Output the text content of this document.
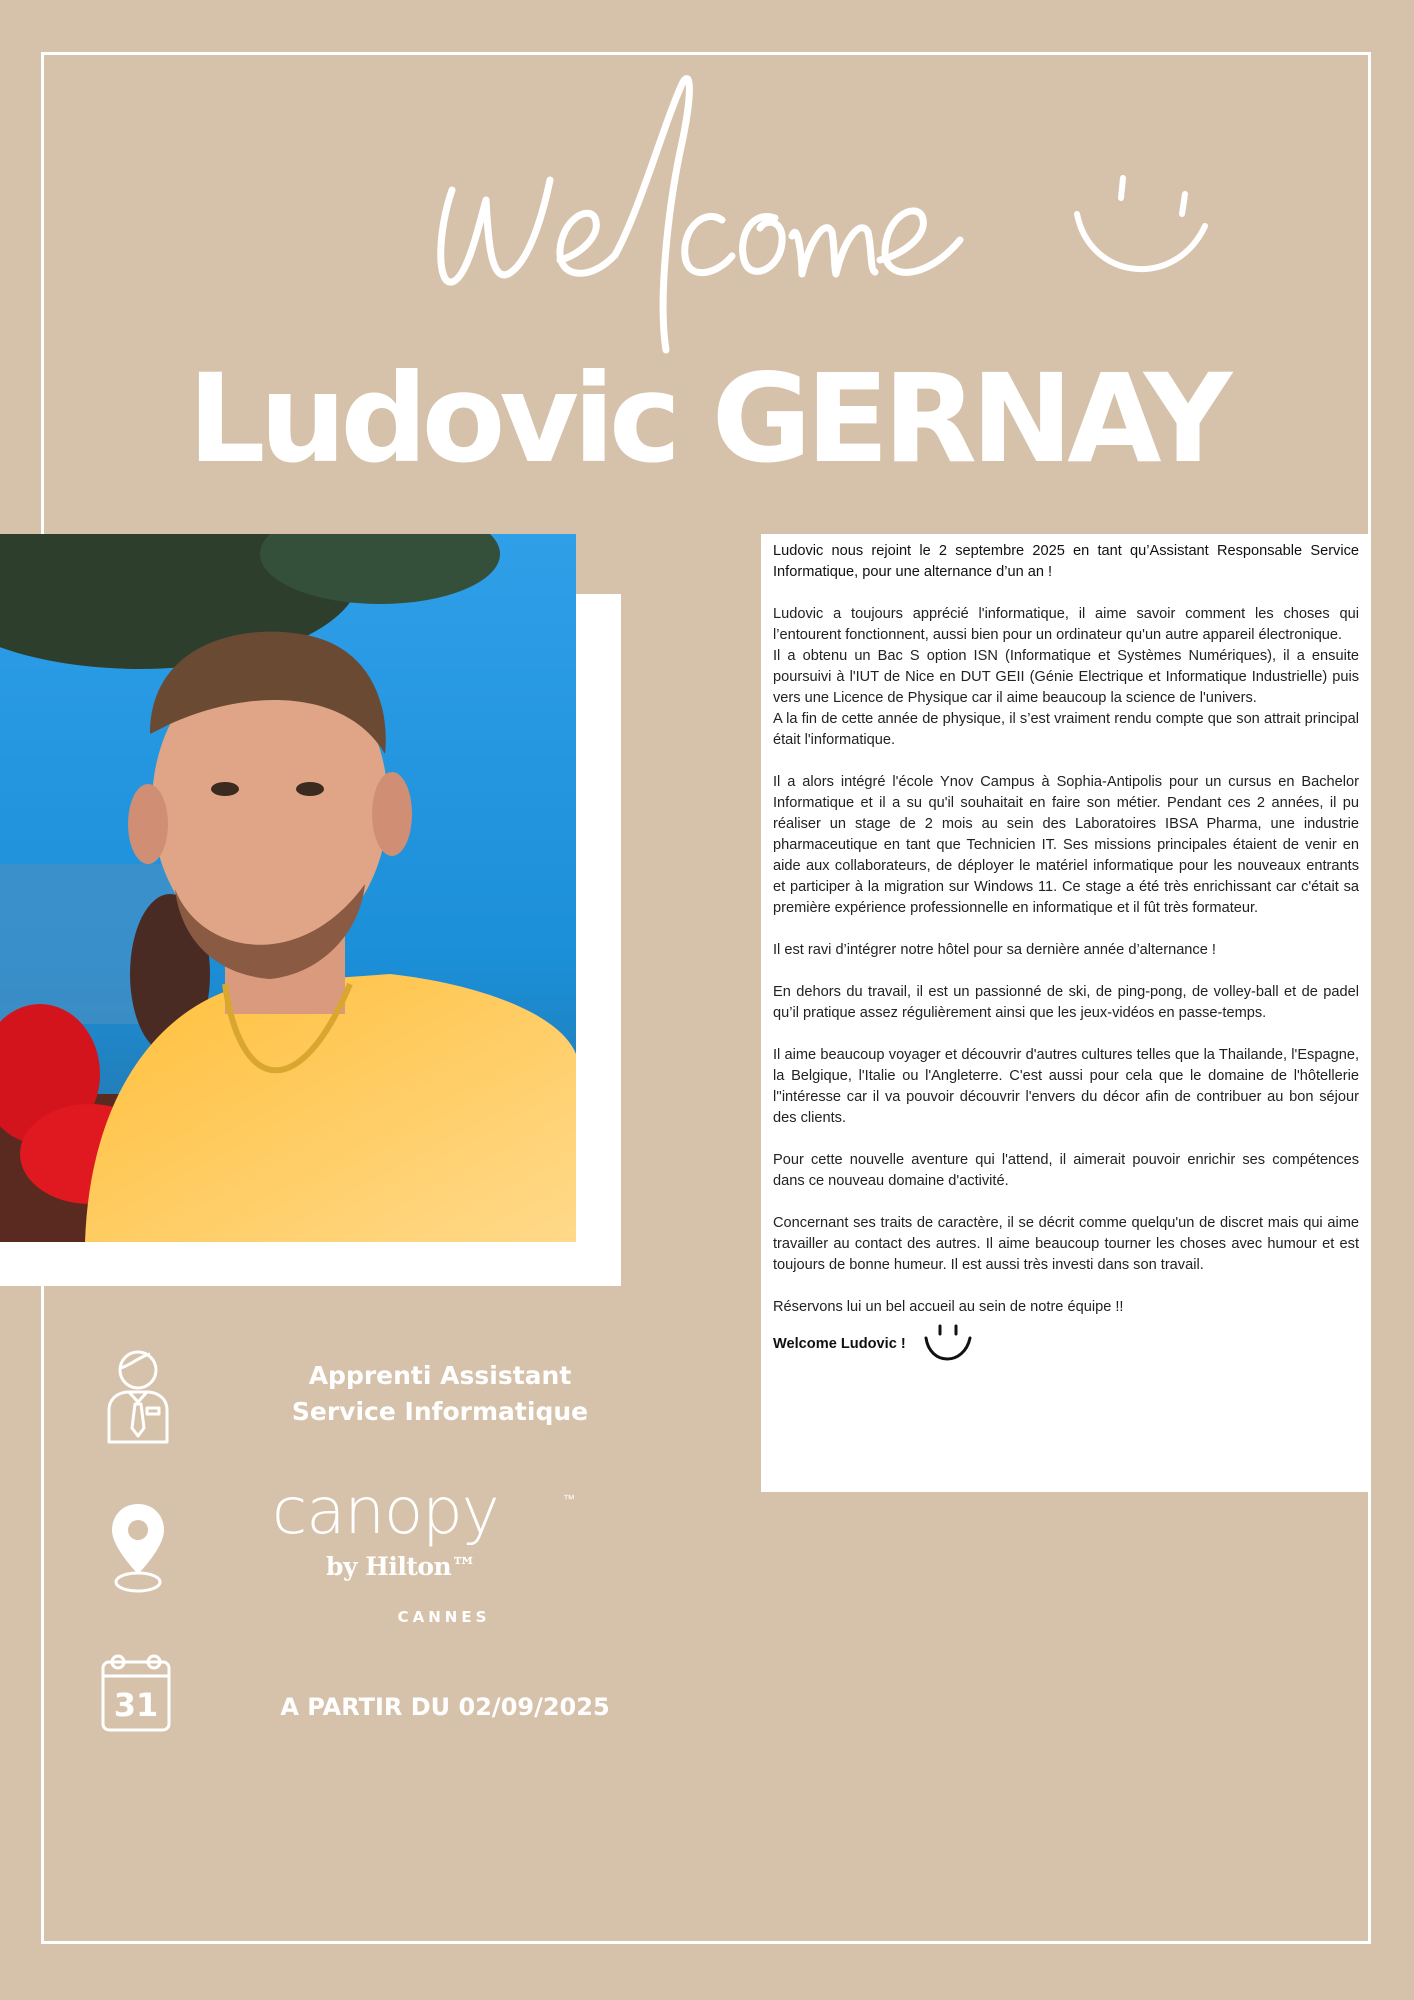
Ludovic GERNAY

Ludovic nous rejoint le 2 septembre 2025 en tant qu’Assistant Responsable Service Informatique, pour une alternance d’un an !

Ludovic a toujours apprécié l'informatique, il aime savoir comment les choses qui l’entourent fonctionnent, aussi bien pour un ordinateur qu'un autre appareil électronique.
Il a obtenu un Bac S option ISN (Informatique et Systèmes Numériques), il a ensuite poursuivi à l'IUT de Nice en DUT GEII (Génie Electrique et Informatique Industrielle) puis vers une Licence de Physique car il aime beaucoup la science de l'univers.
A la fin de cette année de physique, il s’est vraiment rendu compte que son attrait principal était l'informatique.

Il a alors intégré l'école Ynov Campus à Sophia-Antipolis pour un cursus en Bachelor Informatique et il a su qu'il souhaitait en faire son métier. Pendant ces 2 années, il pu réaliser un stage de 2 mois au sein des Laboratoires IBSA Pharma, une industrie pharmaceutique en tant que Technicien IT. Ses missions principales étaient de venir en aide aux collaborateurs, de déployer le matériel informatique pour les nouveaux entrants et participer à la migration sur Windows 11. Ce stage a été très enrichissant car c'était sa première expérience professionnelle en informatique et il fût très formateur.

Il est ravi d’intégrer notre hôtel pour sa dernière année d’alternance !

En dehors du travail, il est un passionné de ski, de ping-pong, de volley-ball et de padel qu’il pratique assez régulièrement ainsi que les jeux-vidéos en passe-temps.

Il aime beaucoup voyager et découvrir d'autres cultures telles que la Thailande, l'Espagne, la Belgique, l'Italie ou l'Angleterre. C'est aussi pour cela que le domaine de l'hôtellerie l''intéresse car il va pouvoir découvrir l'envers du décor afin de contribuer au bon séjour des clients.

Pour cette nouvelle aventure qui l'attend, il aimerait pouvoir enrichir ses compétences dans ce nouveau domaine d'activité.

Concernant ses traits de caractère, il se décrit comme quelqu'un de discret mais qui aime travailler au contact des autres. Il aime beaucoup tourner les choses avec humour et est toujours de bonne humeur. Il est aussi très investi dans son travail.

Réservons lui un bel accueil au sein de notre équipe !!

Welcome Ludovic !
Apprenti Assistant
Service Informatique
canopy	™
by Hilton™
CANNES
31	A PARTIR DU 02/09/2025
